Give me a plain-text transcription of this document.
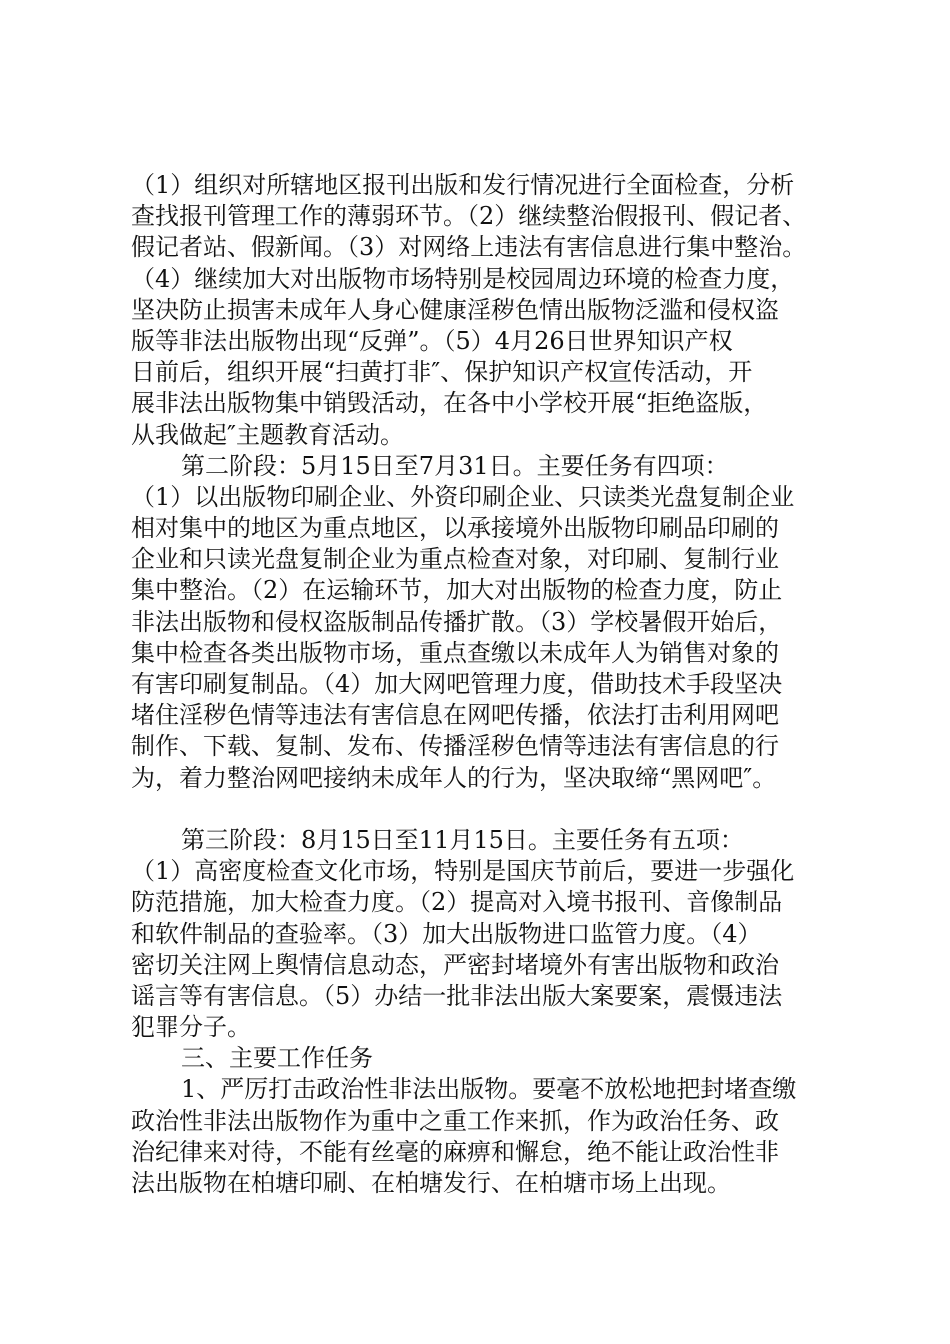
（1）组织对所辖地区报刊出版和发行情况进行全面检查，分析
查找报刊管理工作的薄弱环节。（2）继续整治假报刊、假记者、
假记者站、假新闻。（3）对网络上违法有害信息进行集中整治。
（4）继续加大对出版物市场特别是校园周边环境的检查力度，
坚决防止损害未成年人身心健康淫秽色情出版物泛滥和侵权盗
版等非法出版物出现“反弹”。（5）4月26日世界知识产权
日前后，组织开展“扫黄打非″、保护知识产权宣传活动，开
展非法出版物集中销毁活动，在各中小学校开展“拒绝盗版，
从我做起″主题教育活动。
第二阶段：5月15日至7月31日。主要任务有四项：
（1）以出版物印刷企业、外资印刷企业、只读类光盘复制企业
相对集中的地区为重点地区，以承接境外出版物印刷品印刷的
企业和只读光盘复制企业为重点检查对象，对印刷、复制行业
集中整治。（2）在运输环节，加大对出版物的检查力度，防止
非法出版物和侵权盗版制品传播扩散。（3）学校暑假开始后，
集中检查各类出版物市场，重点查缴以未成年人为销售对象的
有害印刷复制品。（4）加大网吧管理力度，借助技术手段坚决
堵住淫秽色情等违法有害信息在网吧传播，依法打击利用网吧
制作、下载、复制、发布、传播淫秽色情等违法有害信息的行
为，着力整治网吧接纳未成年人的行为，坚决取缔“黑网吧″。
第三阶段：8月15日至11月15日。主要任务有五项：
（1）高密度检查文化市场，特别是国庆节前后，要进一步强化
防范措施，加大检查力度。（2）提高对入境书报刊、音像制品
和软件制品的查验率。（3）加大出版物进口监管力度。（4）
密切关注网上舆情信息动态，严密封堵境外有害出版物和政治
谣言等有害信息。（5）办结一批非法出版大案要案，震慑违法
犯罪分子。
三、主要工作任务
1、严厉打击政治性非法出版物。要毫不放松地把封堵查缴
政治性非法出版物作为重中之重工作来抓，作为政治任务、政
治纪律来对待，不能有丝毫的麻痹和懈怠，绝不能让政治性非
法出版物在柏塘印刷、在柏塘发行、在柏塘市场上出现。
